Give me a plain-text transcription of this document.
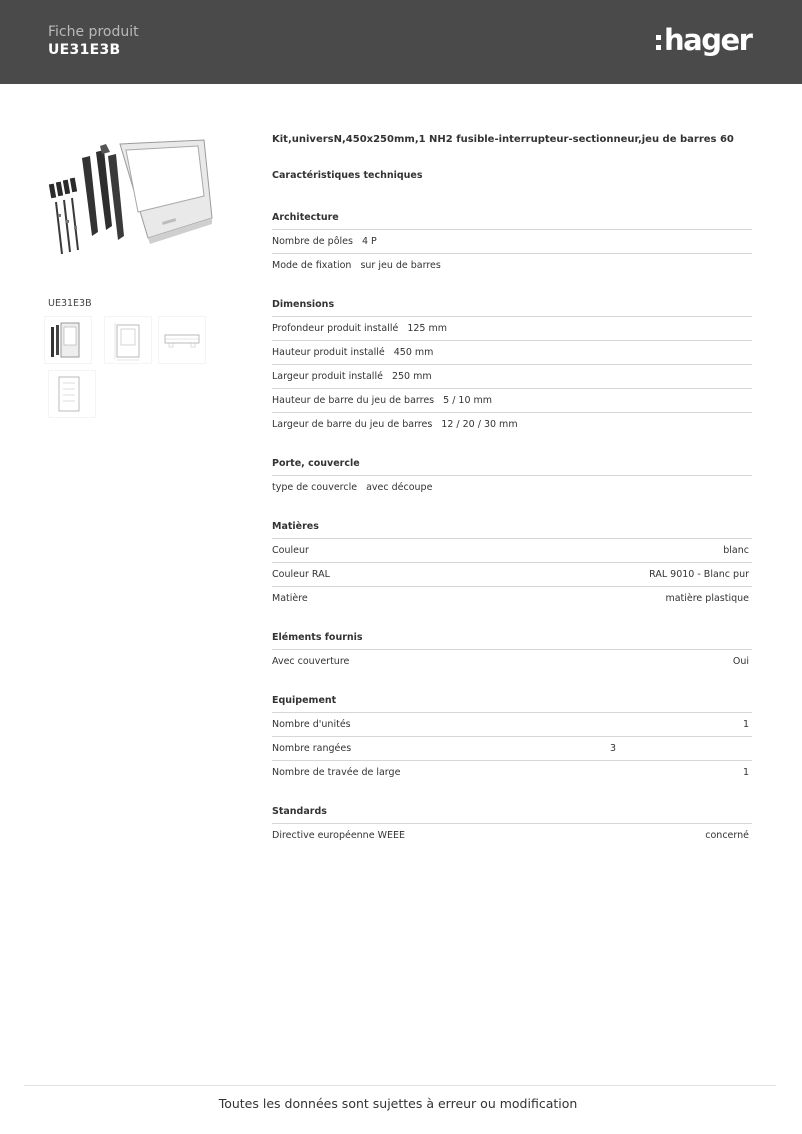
Fiche produit
UE31E3B	hager
UE31E3B
Kit,universN,450x250mm,1 NH2 fusible-interrupteur-sectionneur,jeu de barres 60
Caractéristiques techniques
Architecture
Nombre de pôles 4 P
Mode de fixation sur jeu de barres
Dimensions
Profondeur produit installé 125 mm
Hauteur produit installé 450 mm
Largeur produit installé 250 mm
Hauteur de barre du jeu de barres 5 / 10 mm
Largeur de barre du jeu de barres 12 / 20 / 30 mm
Porte, couvercle
type de couvercle avec découpe
Matières
Couleur	blanc
Couleur RAL	RAL 9010 - Blanc pur
Matière	matière plastique
Eléments fournis
Avec couverture	Oui
Equipement
Nombre d'unités	1
Nombre rangées	3
Nombre de travée de large	1
Standards
Directive européenne WEEE	concerné
Toutes les données sont sujettes à erreur ou modification
